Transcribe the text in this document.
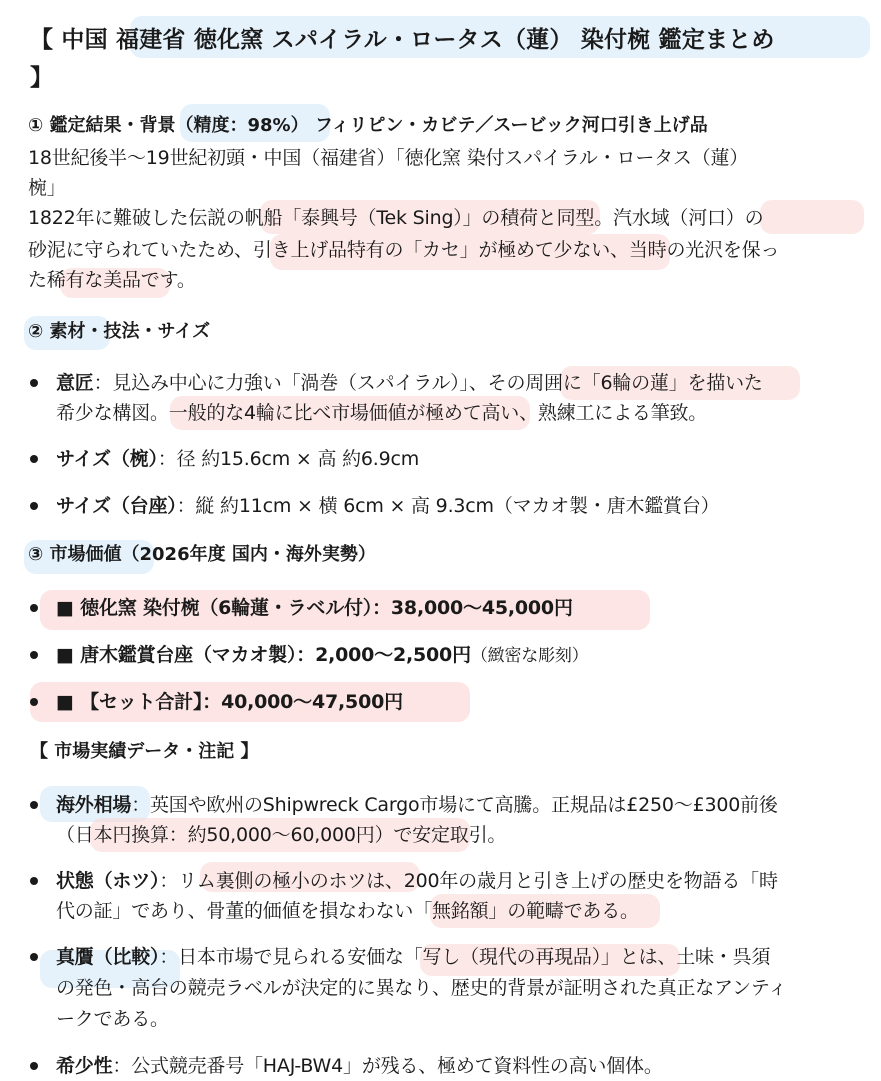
【 中国 福建省 徳化窯 スパイラル・ロータス（蓮） 染付椀 鑑定まとめ
】
① 鑑定結果・背景（精度：98%） フィリピン・カビテ／スービック河口引き上げ品
18世紀後半〜19世紀初頭・中国（福建省）「徳化窯 染付スパイラル・ロータス（蓮）
椀」
1822年に難破した伝説の帆船「泰興号（Tek Sing）」の積荷と同型。汽水域（河口）の
砂泥に守られていたため、引き上げ品特有の「カセ」が極めて少ない、当時の光沢を保っ
た稀有な美品です。
② 素材・技法・サイズ
意匠：見込み中心に力強い「渦巻（スパイラル）」、その周囲に「6輪の蓮」を描いた
希少な構図。一般的な4輪に比べ市場価値が極めて高い、熟練工による筆致。
サイズ（椀）：径 約15.6cm × 高 約6.9cm
サイズ（台座）：縦 約11cm × 横 6cm × 高 9.3cm（マカオ製・唐木鑑賞台）
③ 市場価値（2026年度 国内・海外実勢）
■ 徳化窯 染付椀（6輪蓮・ラベル付）：38,000〜45,000円
■ 唐木鑑賞台座（マカオ製）：2,000〜2,500円（緻密な彫刻）
■ 【セット合計】：40,000〜47,500円
【 市場実績データ・注記 】
海外相場：英国や欧州のShipwreck Cargo市場にて高騰。正規品は£250〜£300前後
（日本円換算：約50,000〜60,000円）で安定取引。
状態（ホツ）：リム裏側の極小のホツは、200年の歳月と引き上げの歴史を物語る「時
代の証」であり、骨董的価値を損なわない「無銘額」の範疇である。
真贋（比較）：日本市場で見られる安価な「写し（現代の再現品）」とは、土味・呉須
の発色・高台の競売ラベルが決定的に異なり、歴史的背景が証明された真正なアンティ
ークである。
希少性：公式競売番号「HAJ-BW4」が残る、極めて資料性の高い個体。
